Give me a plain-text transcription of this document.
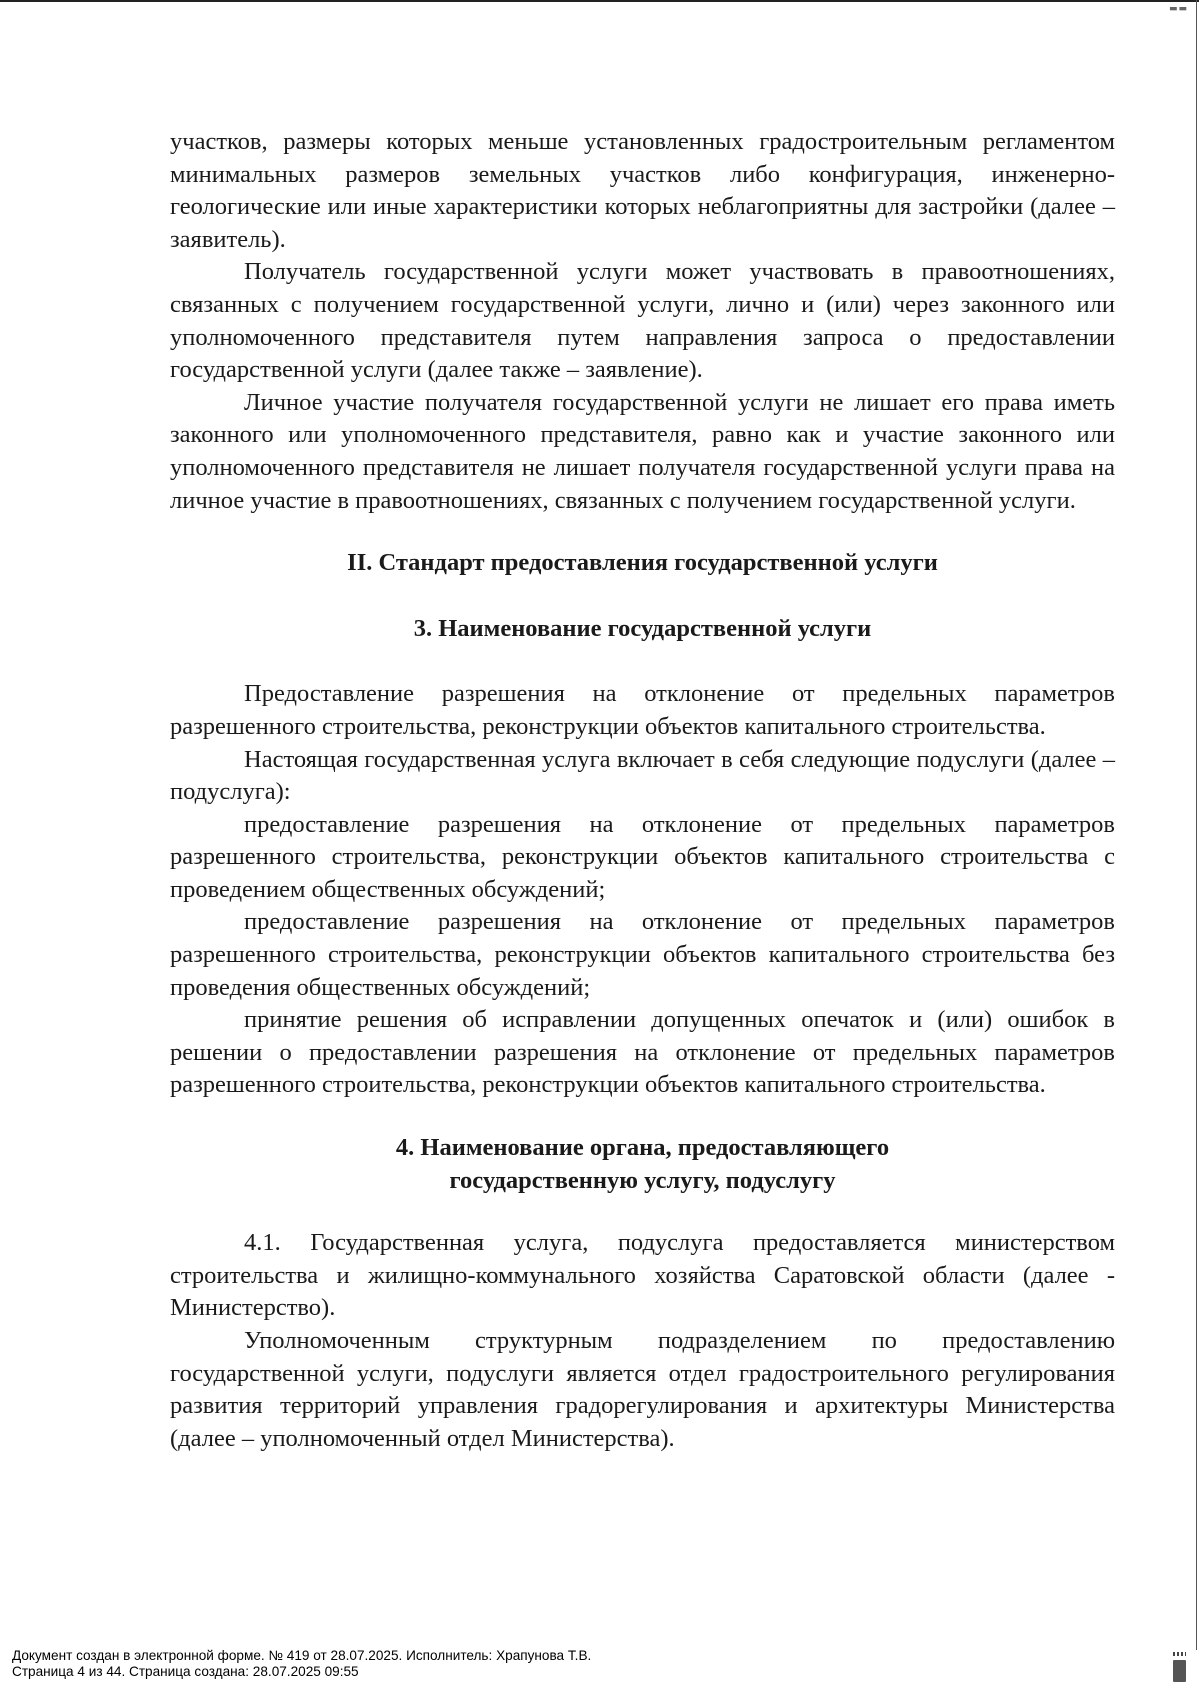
▬▬

участков, размеры которых меньше установленных градостроительным регламентом минимальных размеров земельных участков либо конфигурация, инженерно-геологические или иные характеристики которых неблагоприятны для застройки (далее – заявитель).

Получатель государственной услуги может участвовать в правоотношениях, связанных с получением государственной услуги, лично и (или) через законного или уполномоченного представителя путем направления запроса о предоставлении государственной услуги (далее также – заявление).

Личное участие получателя государственной услуги не лишает его права иметь законного или уполномоченного представителя, равно как и участие законного или уполномоченного представителя не лишает получателя государственной услуги права на личное участие в правоотношениях, связанных с получением государственной услуги.

II. Стандарт предоставления государственной услуги

3. Наименование государственной услуги

Предоставление разрешения на отклонение от предельных параметров разрешенного строительства, реконструкции объектов капитального строительства.

Настоящая государственная услуга включает в себя следующие подуслуги (далее – подуслуга):

предоставление разрешения на отклонение от предельных параметров разрешенного строительства, реконструкции объектов капитального строительства с проведением общественных обсуждений;

предоставление разрешения на отклонение от предельных параметров разрешенного строительства, реконструкции объектов капитального строительства без проведения общественных обсуждений;

принятие решения об исправлении допущенных опечаток и (или) ошибок в решении о предоставлении разрешения на отклонение от предельных параметров разрешенного строительства, реконструкции объектов капитального строительства.

4. Наименование органа, предоставляющего

государственную услугу, подуслугу

4.1. Государственная услуга, подуслуга предоставляется министерством строительства и жилищно-коммунального хозяйства Саратовской области (далее - Министерство).

Уполномоченным структурным подразделением по предоставлению государственной услуги, подуслуги является отдел градостроительного регулирования развития территорий управления градорегулирования и архитектуры Министерства (далее – уполномоченный отдел Министерства).

Документ создан в электронной форме. № 419 от 28.07.2025. Исполнитель: Храпунова Т.В.
Страница 4 из 44. Страница создана: 28.07.2025 09:55
